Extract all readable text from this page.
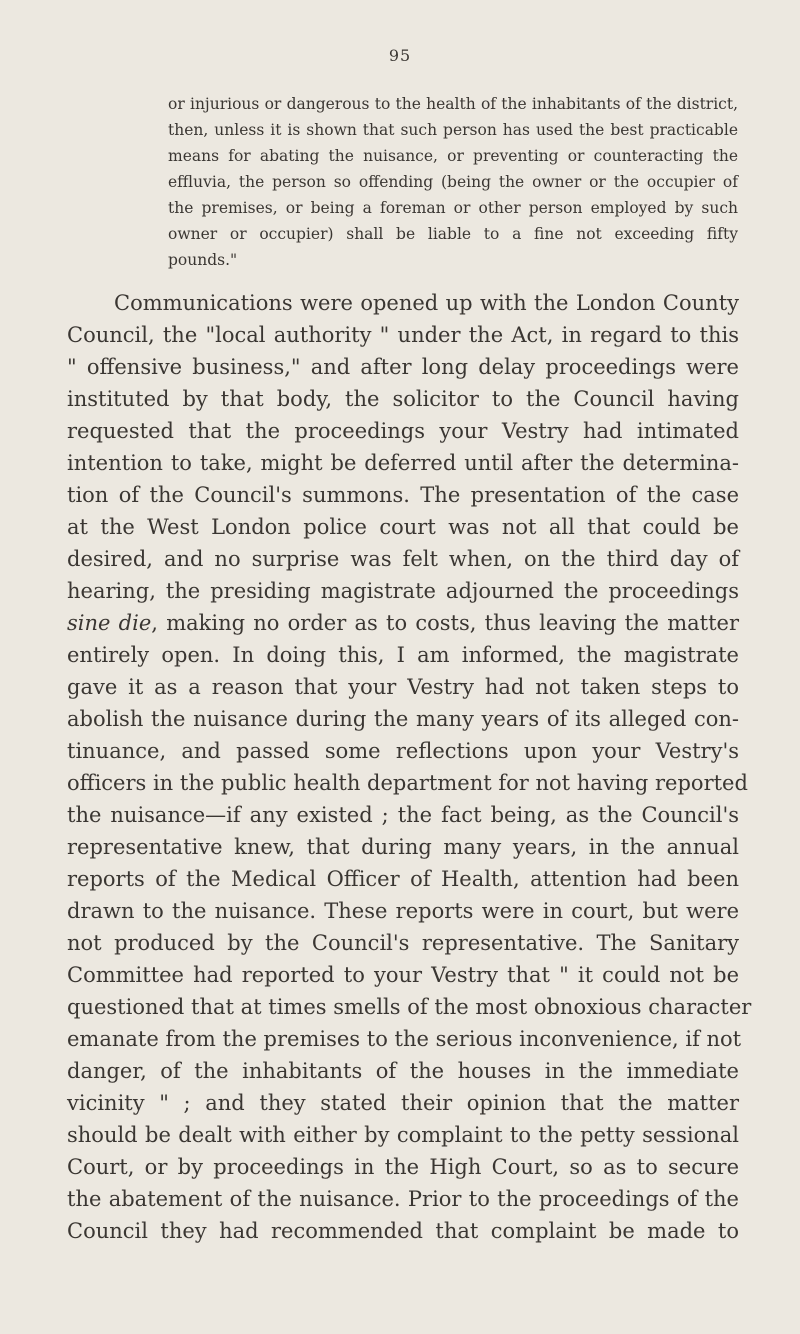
95
or injurious or dangerous to the health of the inhabitants of the district,
then, unless it is shown that such person has used the best practicable
means for abating the nuisance, or preventing or counteracting the
effluvia, the person so offending (being the owner or the occupier of
the premises, or being a foreman or other person employed by such
owner or occupier) shall be liable to a fine not exceeding fifty
pounds."
Communications were opened up with the London County
Council, the "local authority " under the Act, in regard to this
" offensive business," and after long delay proceedings were
instituted by that body, the solicitor to the Council having
requested that the proceedings your Vestry had intimated
intention to take, might be deferred until after the determina-
tion of the Council's summons. The presentation of the case
at the West London police court was not all that could be
desired, and no surprise was felt when, on the third day of
hearing, the presiding magistrate adjourned the proceedings
sine die, making no order as to costs, thus leaving the matter
entirely open. In doing this, I am informed, the magistrate
gave it as a reason that your Vestry had not taken steps to
abolish the nuisance during the many years of its alleged con-
tinuance, and passed some reflections upon your Vestry's
officers in the public health department for not having reported
the nuisance—if any existed ; the fact being, as the Council's
representative knew, that during many years, in the annual
reports of the Medical Officer of Health, attention had been
drawn to the nuisance. These reports were in court, but were
not produced by the Council's representative. The Sanitary
Committee had reported to your Vestry that " it could not be
questioned that at times smells of the most obnoxious character
emanate from the premises to the serious inconvenience, if not
danger, of the inhabitants of the houses in the immediate
vicinity " ; and they stated their opinion that the matter
should be dealt with either by complaint to the petty sessional
Court, or by proceedings in the High Court, so as to secure
the abatement of the nuisance. Prior to the proceedings of the
Council they had recommended that complaint be made to
